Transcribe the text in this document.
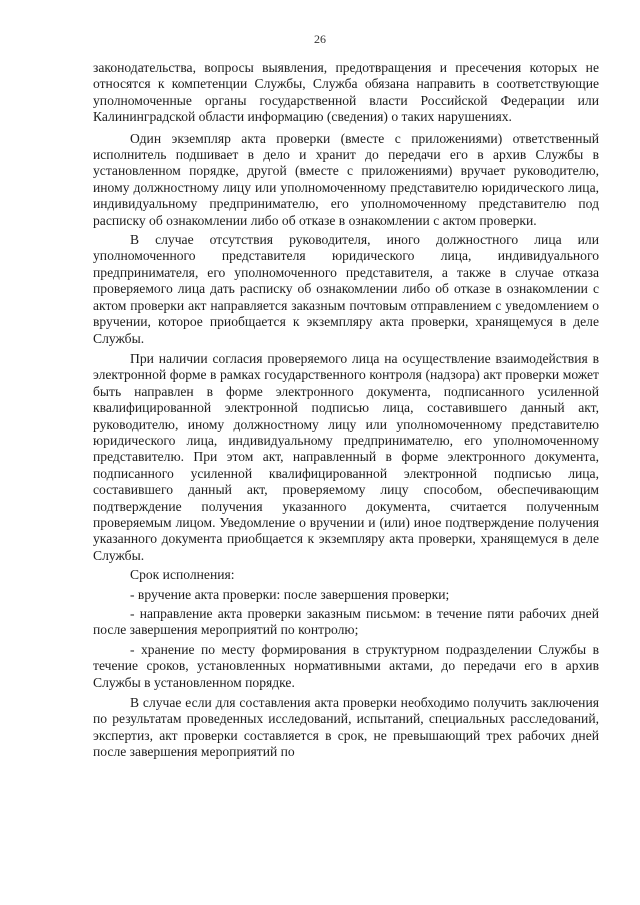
26

законодательства, вопросы выявления, предотвращения и пресечения которых не относятся к компетенции Службы, Служба обязана направить в соответствующие уполномоченные органы государственной власти Российской Федерации или Калининградской области информацию (сведения) о таких нарушениях.

Один экземпляр акта проверки (вместе с приложениями) ответственный исполнитель подшивает в дело и хранит до передачи его в архив Службы в установленном порядке, другой (вместе с приложениями) вручает руководителю, иному должностному лицу или уполномоченному представителю юридического лица, индивидуальному предпринимателю, его уполномоченному представителю под расписку об ознакомлении либо об отказе в ознакомлении с актом проверки.

В случае отсутствия руководителя, иного должностного лица или уполномоченного представителя юридического лица, индивидуального предпринимателя, его уполномоченного представителя, а также в случае отказа проверяемого лица дать расписку об ознакомлении либо об отказе в ознакомлении с актом проверки акт направляется заказным почтовым отправлением с уведомлением о вручении, которое приобщается к экземпляру акта проверки, хранящемуся в деле Службы.

При наличии согласия проверяемого лица на осуществление взаимодействия в электронной форме в рамках государственного контроля (надзора) акт проверки может быть направлен в форме электронного документа, подписанного усиленной квалифицированной электронной подписью лица, составившего данный акт, руководителю, иному должностному лицу или уполномоченному представителю юридического лица, индивидуальному предпринимателю, его уполномоченному представителю. При этом акт, направленный в форме электронного документа, подписанного усиленной квалифицированной электронной подписью лица, составившего данный акт, проверяемому лицу способом, обеспечивающим подтверждение получения указанного документа, считается полученным проверяемым лицом. Уведомление о вручении и (или) иное подтверждение получения указанного документа приобщается к экземпляру акта проверки, хранящемуся в деле Службы.

Срок исполнения:

- вручение акта проверки: после завершения проверки;

- направление акта проверки заказным письмом: в течение пяти рабочих дней после завершения мероприятий по контролю;

- хранение по месту формирования в структурном подразделении Службы в течение сроков, установленных нормативными актами, до передачи его в архив Службы в установленном порядке.

В случае если для составления акта проверки необходимо получить заключения по результатам проведенных исследований, испытаний, специальных расследований, экспертиз, акт проверки составляется в срок, не превышающий трех рабочих дней после завершения мероприятий по
